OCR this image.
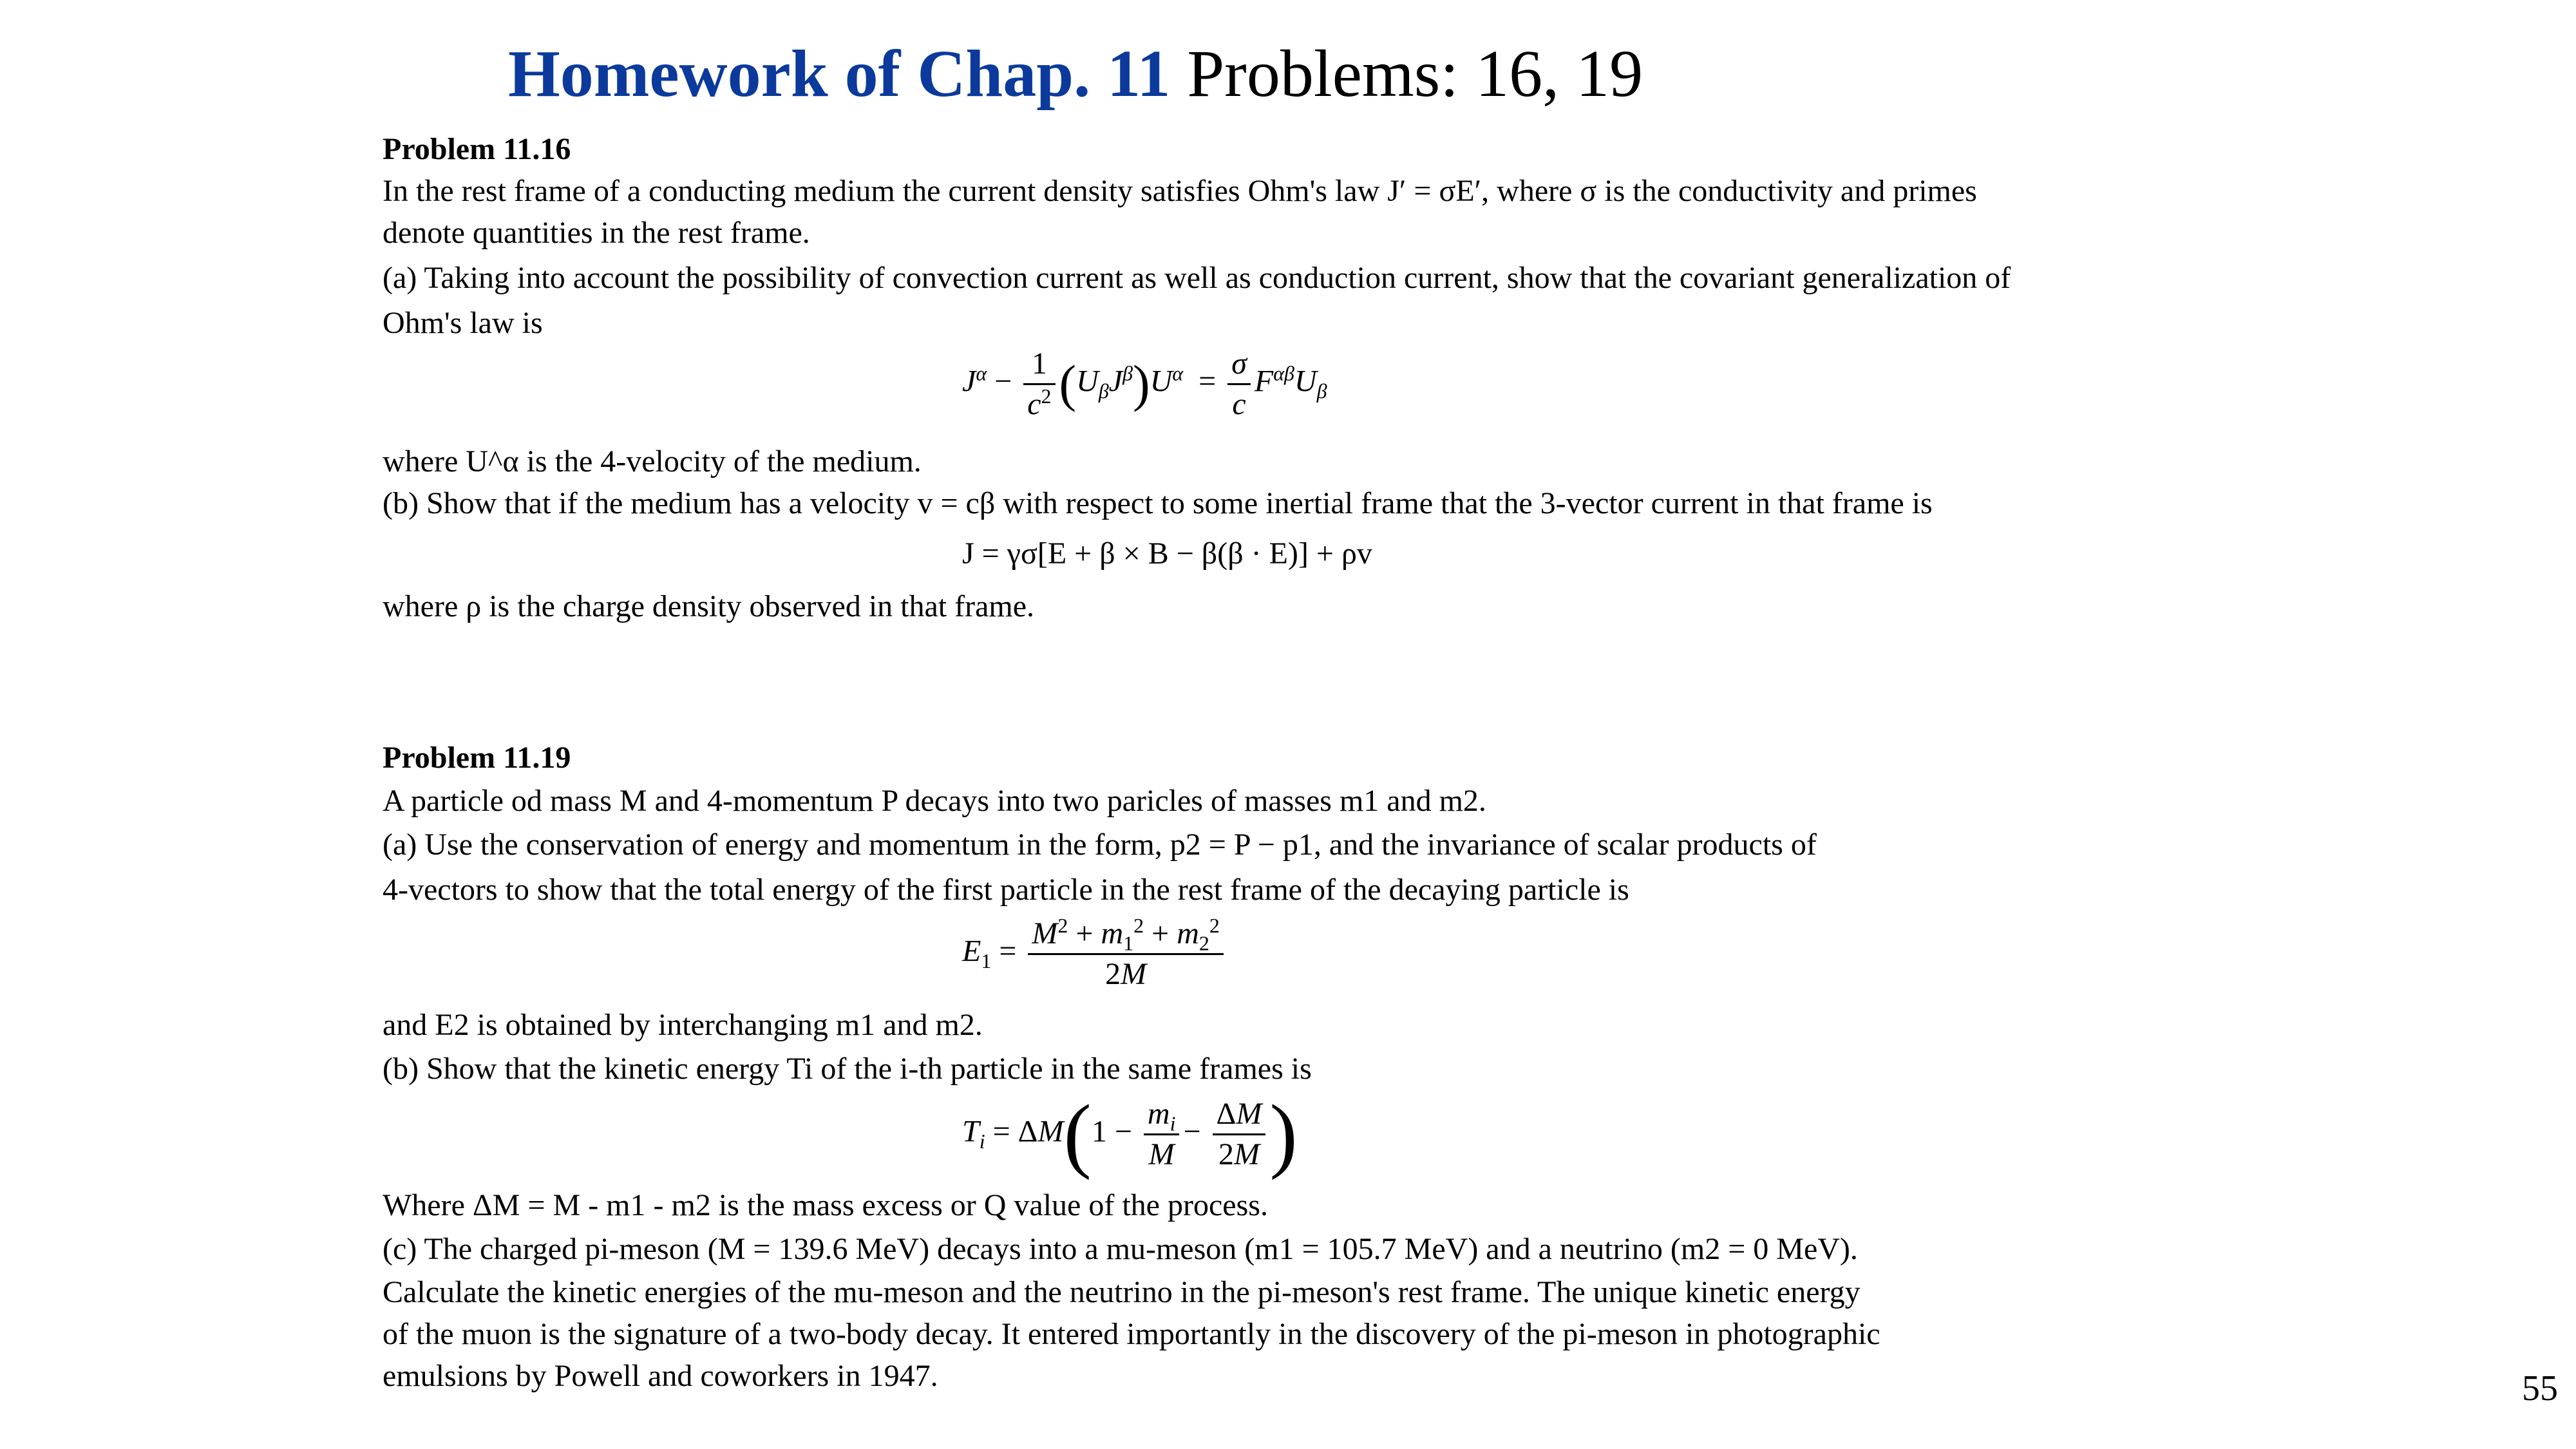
Homework of Chap. 11 Problems: 16, 19
Problem 11.16
In the rest frame of a conducting medium the current density satisfies Ohm's law J′ = σE′, where σ is the conductivity and primes
denote quantities in the rest frame.
(a) Taking into account the possibility of convection current as well as conduction current, show that the covariant generalization of
Ohm's law is
$J^\alpha - \frac{1}{c^2} (U_\beta J^\beta)U^\alpha = \frac{\sigma}{c} F^{\alpha\beta}U_\beta$
where U^α is the 4-velocity of the medium.
(b) Show that if the medium has a velocity v = cβ with respect to some inertial frame that the 3-vector current in that frame is
J = γσ[E + β × B − β(β · E)] + ρv
where ρ is the charge density observed in that frame.
Problem 11.19
A particle od mass M and 4-momentum P decays into two paricles of masses m1 and m2.
(a) Use the conservation of energy and momentum in the form, p2 = P − p1, and the invariance of scalar products of
4-vectors to show that the total energy of the first particle in the rest frame of the decaying particle is
$E_1 = \frac{M^2 + m_1^2 + m_2^2}{2M}$
and E2 is obtained by interchanging m1 and m2.
(b) Show that the kinetic energy Ti of the i-th particle in the same frames is
$T_i = \Delta M(1 - \frac{m_i}{M} - \frac{\Delta M}{2M}$ )
Where ΔM = M - m1 - m2 is the mass excess or Q value of the process.
(c) The charged pi-meson (M = 139.6 MeV) decays into a mu-meson (m1 = 105.7 MeV) and a neutrino (m2 = 0 MeV).
Calculate the kinetic energies of the mu-meson and the neutrino in the pi-meson's rest frame. The unique kinetic energy
of the muon is the signature of a two-body decay. It entered importantly in the discovery of the pi-meson in photographic
emulsions by Powell and coworkers in 1947.	55
